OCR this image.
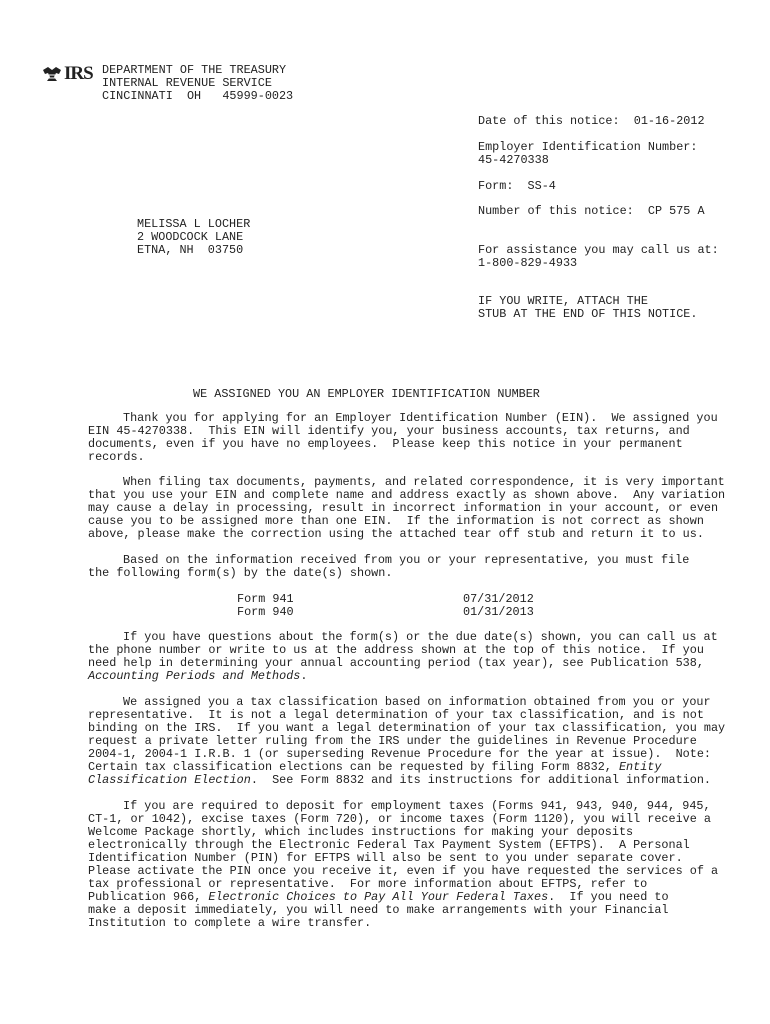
IRS DEPARTMENT OF THE TREASURY
INTERNAL REVENUE SERVICE
CINCINNATI  OH   45999-0023
Date of this notice:  01-16-2012
Employer Identification Number:
45-4270338
Form:  SS-4
Number of this notice:  CP 575 A
For assistance you may call us at:
1-800-829-4933
IF YOU WRITE, ATTACH THE
STUB AT THE END OF THIS NOTICE.
MELISSA L LOCHER
2 WOODCOCK LANE
ETNA, NH  03750
WE ASSIGNED YOU AN EMPLOYER IDENTIFICATION NUMBER
Thank you for applying for an Employer Identification Number (EIN).  We assigned you
EIN 45-4270338.  This EIN will identify you, your business accounts, tax returns, and
documents, even if you have no employees.  Please keep this notice in your permanent
records.
When filing tax documents, payments, and related correspondence, it is very important
that you use your EIN and complete name and address exactly as shown above.  Any variation
may cause a delay in processing, result in incorrect information in your account, or even
cause you to be assigned more than one EIN.  If the information is not correct as shown
above, please make the correction using the attached tear off stub and return it to us.
Based on the information received from you or your representative, you must file
the following form(s) by the date(s) shown.
Form 941	07/31/2012
Form 940	01/31/2013
If you have questions about the form(s) or the due date(s) shown, you can call us at
the phone number or write to us at the address shown at the top of this notice.  If you
need help in determining your annual accounting period (tax year), see Publication 538,
Accounting Periods and Methods.
We assigned you a tax classification based on information obtained from you or your
representative.  It is not a legal determination of your tax classification, and is not
binding on the IRS.  If you want a legal determination of your tax classification, you may
request a private letter ruling from the IRS under the guidelines in Revenue Procedure
2004-1, 2004-1 I.R.B. 1 (or superseding Revenue Procedure for the year at issue).  Note:
Certain tax classification elections can be requested by filing Form 8832, Entity
Classification Election.  See Form 8832 and its instructions for additional information.
If you are required to deposit for employment taxes (Forms 941, 943, 940, 944, 945,
CT-1, or 1042), excise taxes (Form 720), or income taxes (Form 1120), you will receive a
Welcome Package shortly, which includes instructions for making your deposits
electronically through the Electronic Federal Tax Payment System (EFTPS).  A Personal
Identification Number (PIN) for EFTPS will also be sent to you under separate cover.
Please activate the PIN once you receive it, even if you have requested the services of a
tax professional or representative.  For more information about EFTPS, refer to
Publication 966, Electronic Choices to Pay All Your Federal Taxes.  If you need to
make a deposit immediately, you will need to make arrangements with your Financial
Institution to complete a wire transfer.
